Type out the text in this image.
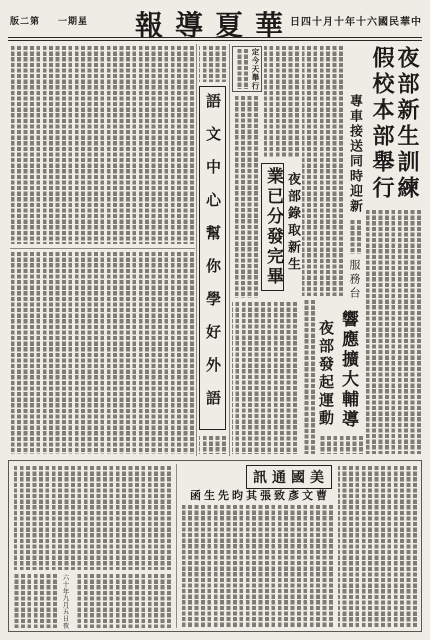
第二版 星期一	華夏導報
中華民國六十年十月十四日
夜部新生訓練
假校本部舉行
專車接送同時迎新
服務台
響應擴大輔導
夜部發起運動
業已分發完畢 夜部錄取新生
定今天舉行
語文中心幫你學好外語
美國通訊
曹文彥致張其昀先生函
六十年九月五日夜
